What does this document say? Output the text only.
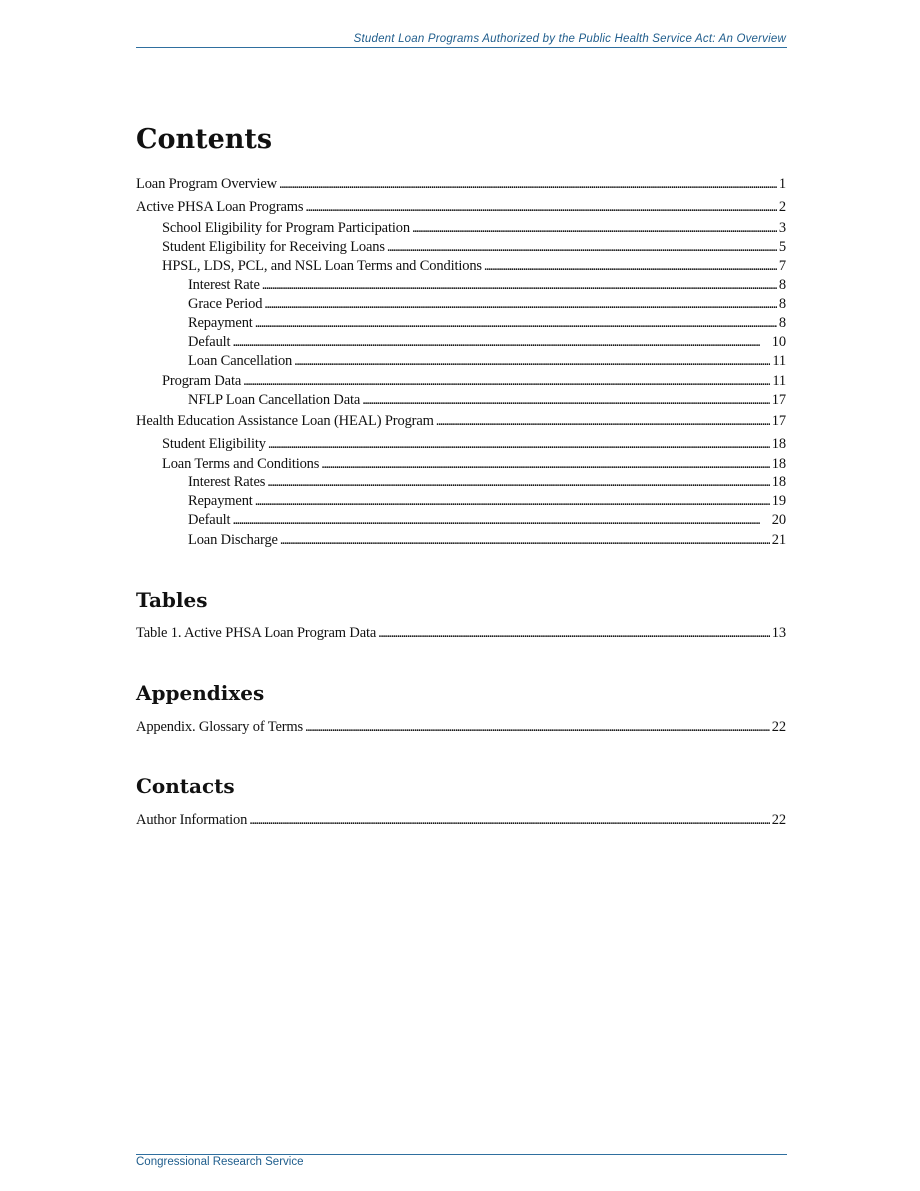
Student Loan Programs Authorized by the Public Health Service Act: An Overview
Contents
Loan Program Overview . . .	1
Active PHSA Loan Programs . . .	2
School Eligibility for Program Participation . . .	3
Student Eligibility for Receiving Loans . . .	5
HPSL, LDS, PCL, and NSL Loan Terms and Conditions . . .	7
Interest Rate . . .	8
Grace Period . . .	8
Repayment . . .	8
Default . . .	10
Loan Cancellation . . .	11
Program Data . . .	11
NFLP Loan Cancellation Data . . .	17
Health Education Assistance Loan (HEAL) Program . . .	17
Student Eligibility . . .	18
Loan Terms and Conditions . . .	18
Interest Rates . . .	18
Repayment . . .	19
Default . . .	20
Loan Discharge . . .	21
Tables
Table 1. Active PHSA Loan Program Data . . .	13
Appendixes
Appendix. Glossary of Terms . . .	22
Contacts
Author Information . . .	22
Congressional Research Service
